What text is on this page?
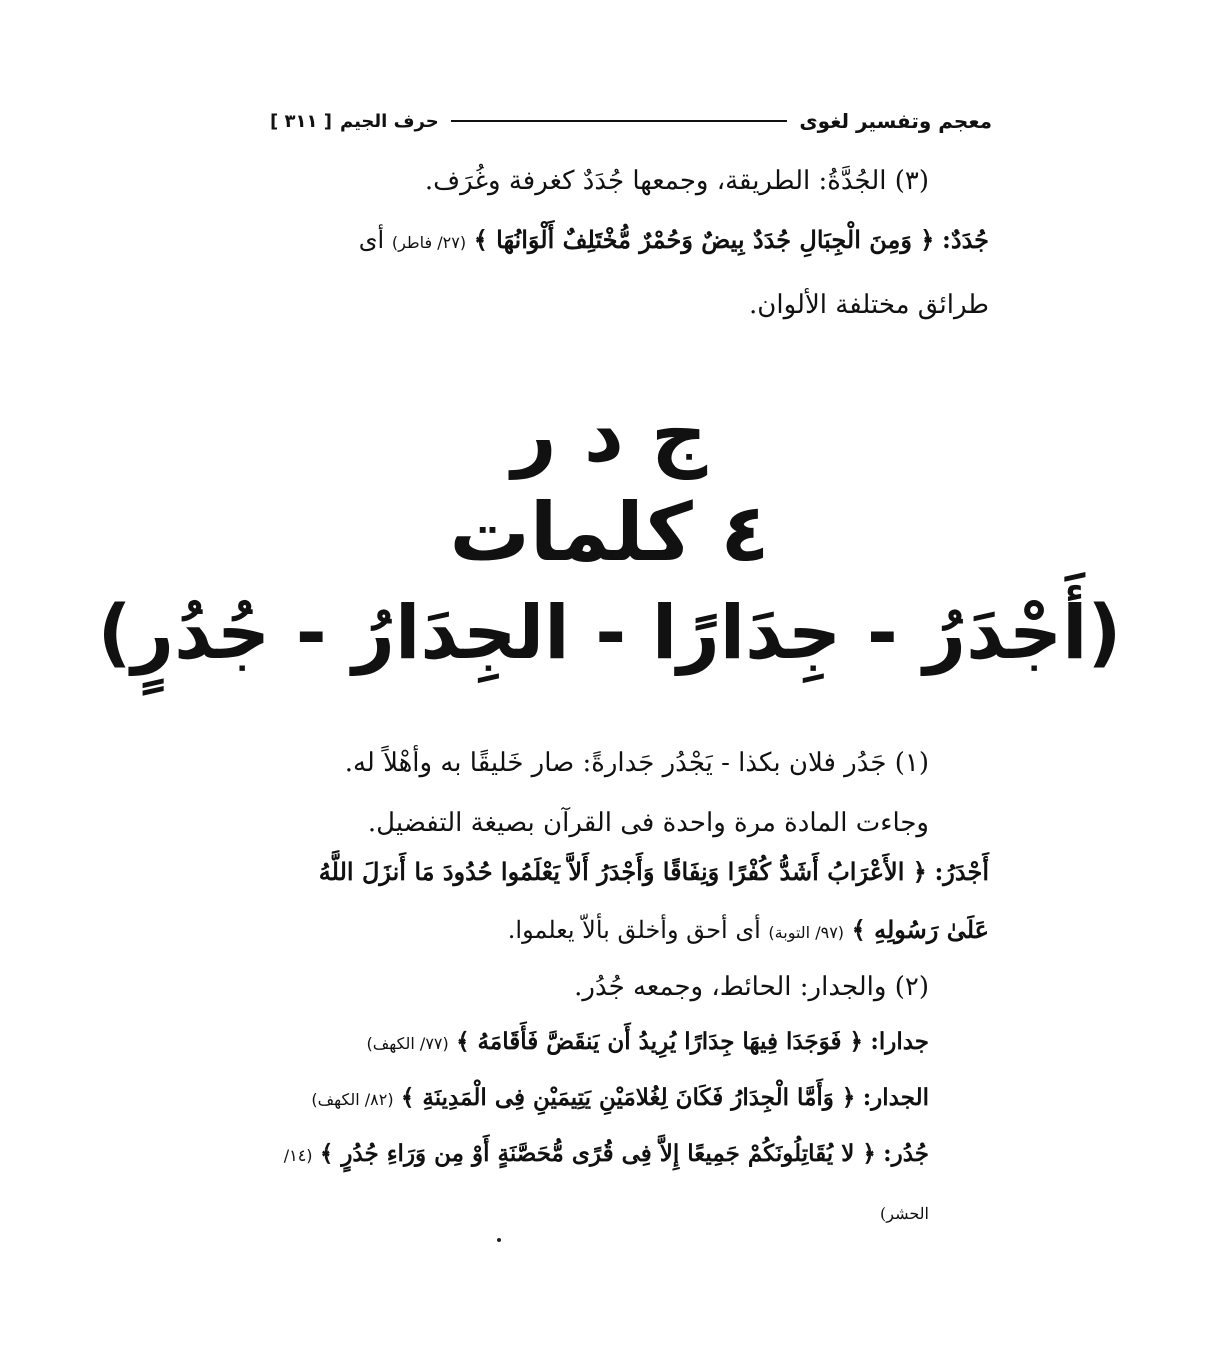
معجم وتفسير لغوى
حرف الجيم
[ ٣١١ ]
(٣) الجُدَّةُ: الطريقة، وجمعها جُدَدٌ كغرفة وغُرَف.
جُدَدٌ: ﴿ وَمِنَ الْجِبَالِ جُدَدٌ بِيضٌ وَحُمْرٌ مُّخْتَلِفٌ أَلْوَانُهَا ﴾ (٢٧/ فاطر) أى
طرائق مختلفة الألوان.
ج د ر
٤ كلمات
(أَجْدَرُ - جِدَارًا - الجِدَارُ - جُدُرٍ)
(١) جَدُر فلان بكذا - يَجْدُر جَدارةً: صار خَليقًا به وأهْلاً له.
وجاءت المادة مرة واحدة فى القرآن بصيغة التفضيل.
أَجْدَرُ: ﴿ الأَعْرَابُ أَشَدُّ كُفْرًا وَنِفَاقًا وَأَجْدَرُ أَلاَّ يَعْلَمُوا حُدُودَ مَا أَنزَلَ اللَّهُ
عَلَىٰ رَسُولِهِ ﴾ (٩٧/ التوبة) أى أحق وأخلق بألاّ يعلموا.
(٢) والجدار: الحائط، وجمعه جُدُر.
جدارا: ﴿ فَوَجَدَا فِيهَا جِدَارًا يُرِيدُ أَن يَنقَضَّ فَأَقَامَهُ ﴾ (٧٧/ الكهف)
الجدار: ﴿ وَأَمَّا الْجِدَارُ فَكَانَ لِغُلامَيْنِ يَتِيمَيْنِ فِى الْمَدِينَةِ ﴾ (٨٢/ الكهف)
جُدُر: ﴿ لا يُقَاتِلُونَكُمْ جَمِيعًا إِلاَّ فِى قُرًى مُّحَصَّنَةٍ أَوْ مِن وَرَاءِ جُدُرٍ ﴾ (١٤/
الحشر)
